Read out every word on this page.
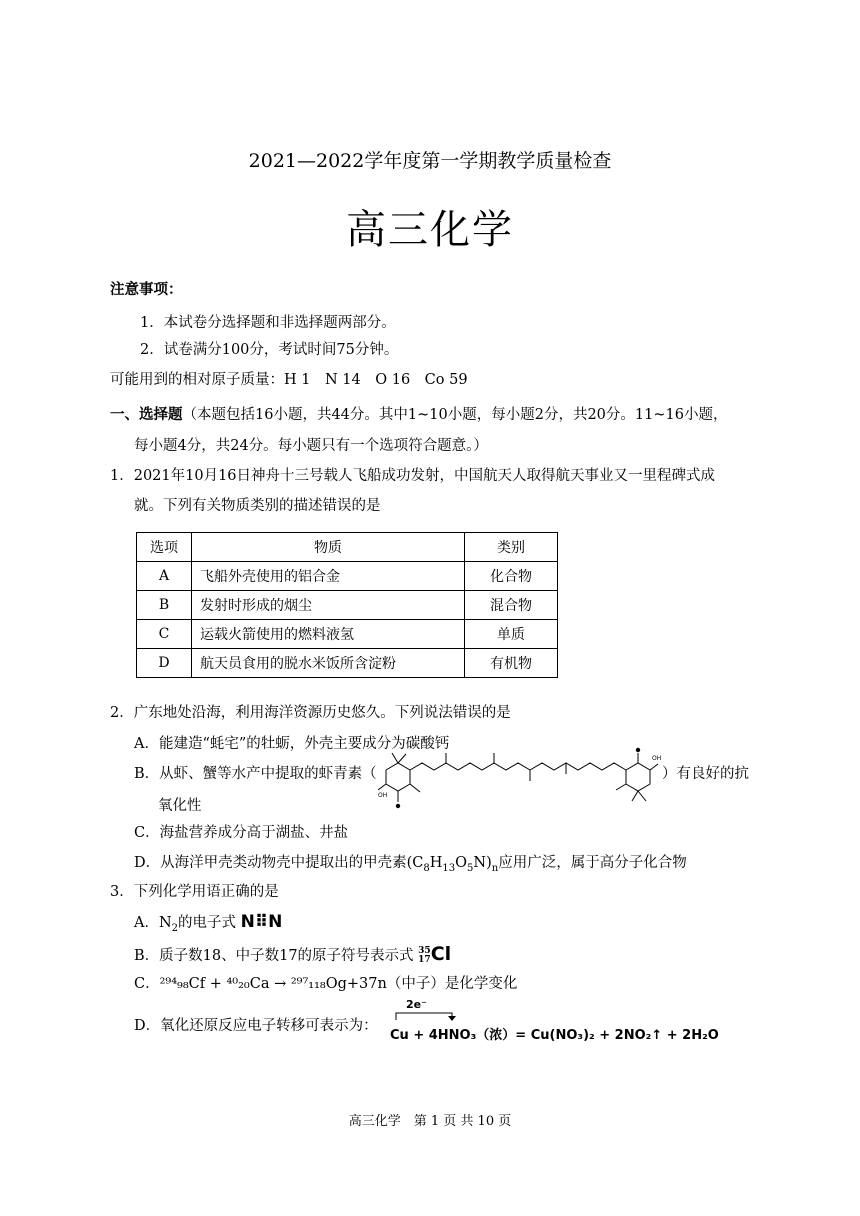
2021—2022学年度第一学期教学质量检查
高三化学
注意事项：
1．本试卷分选择题和非选择题两部分。
2．试卷满分100分，考试时间75分钟。
可能用到的相对原子质量：H 1　N 14　O 16　Co 59
一、选择题（本题包括16小题，共44分。其中1~10小题，每小题2分，共20分。11~16小题，
每小题4分，共24分。每小题只有一个选项符合题意。）
1．2021年10月16日神舟十三号载人飞船成功发射，中国航天人取得航天事业又一里程碑式成
就。下列有关物质类别的描述错误的是
选项	物质	类别
A	飞船外壳使用的铝合金	化合物
B	发射时形成的烟尘	混合物
C	运载火箭使用的燃料液氢	单质
D	航天员食用的脱水米饭所含淀粉	有机物
2．广东地处沿海，利用海洋资源历史悠久。下列说法错误的是
A．能建造“蚝宅”的牡蛎，外壳主要成分为碳酸钙
B．从虾、蟹等水产中提取的虾青素（
OH
OH
）有良好的抗
氧化性
C．海盐营养成分高于湖盐、井盐
D．从海洋甲壳类动物壳中提取出的甲壳素$(C_8H_{13}O_5N)_n$应用广泛，属于高分子化合物
3．下列化学用语正确的是
A．$N_2$的电子式 N⠿N
B．质子数18、中子数17的原子符号表示式 35
17Cl
C．²⁹⁴₉₈Cf + ⁴⁰₂₀Ca → ²⁹⁷₁₁₈Og+37n（中子）是化学变化
D．氧化还原反应电子转移可表示为：
2e⁻
Cu + 4HNO₃（浓）= Cu(NO₃)₂ + 2NO₂↑ + 2H₂O
高三化学　第 1 页 共 10 页
